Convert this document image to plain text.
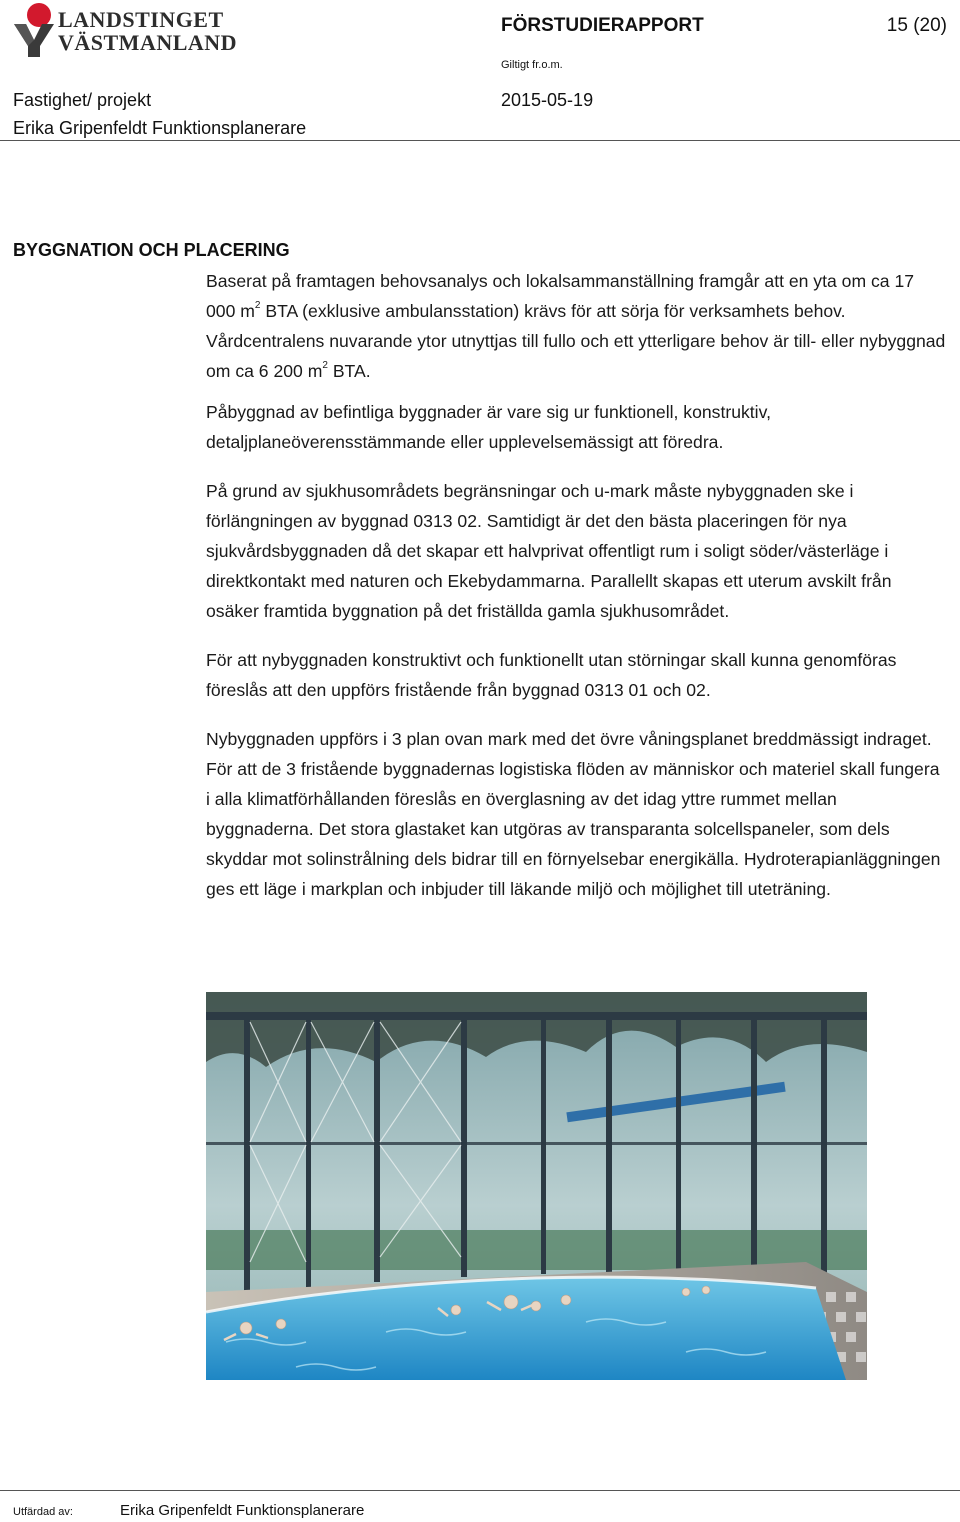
LANDSTINGET
VÄSTMANLAND
FÖRSTUDIERAPPORT	15 (20)
Giltigt fr.o.m.
Fastighet/ projekt	2015-05-19
Erika Gripenfeldt Funktionsplanerare
BYGGNATION OCH PLACERING

Baserat på framtagen behovsanalys och lokalsammanställning framgår att en yta om ca 17 000 $m^2$ BTA (exklusive ambulansstation) krävs för att sörja för verksamhets behov. Vårdcentralens nuvarande ytor utnyttjas till fullo och ett ytterligare behov är till- eller nybyggnad om ca 6 200 $m^2$ BTA.

Påbyggnad av befintliga byggnader är vare sig ur funktionell, konstruktiv, detaljplaneöverensstämmande eller upplevelsemässigt att föredra.

På grund av sjukhusområdets begränsningar och u-mark måste nybyggnaden ske i förlängningen av byggnad 0313 02. Samtidigt är det den bästa placeringen för nya sjukvårdsbyggnaden då det skapar ett halvprivat offentligt rum i soligt söder/västerläge i direktkontakt med naturen och Ekebydammarna. Parallellt skapas ett uterum avskilt från osäker framtida byggnation på det friställda gamla sjukhusområdet.

För att nybyggnaden konstruktivt och funktionellt utan störningar skall kunna genomföras föreslås att den uppförs fristående från byggnad 0313 01 och 02.

Nybyggnaden uppförs i 3 plan ovan mark med det övre våningsplanet breddmässigt indraget. För att de 3 fristående byggnadernas logistiska flöden av människor och materiel skall fungera i alla klimatförhållanden föreslås en överglasning av det idag yttre rummet mellan byggnaderna. Det stora glastaket kan utgöras av transparanta solcellspaneler, som dels skyddar mot solinstrålning dels bidrar till en förnyelsebar energikälla. Hydroterapianläggningen ges ett läge i markplan och inbjuder till läkande miljö och möjlighet till uteträning.

Utfärdad av:	Erika Gripenfeldt Funktionsplanerare
